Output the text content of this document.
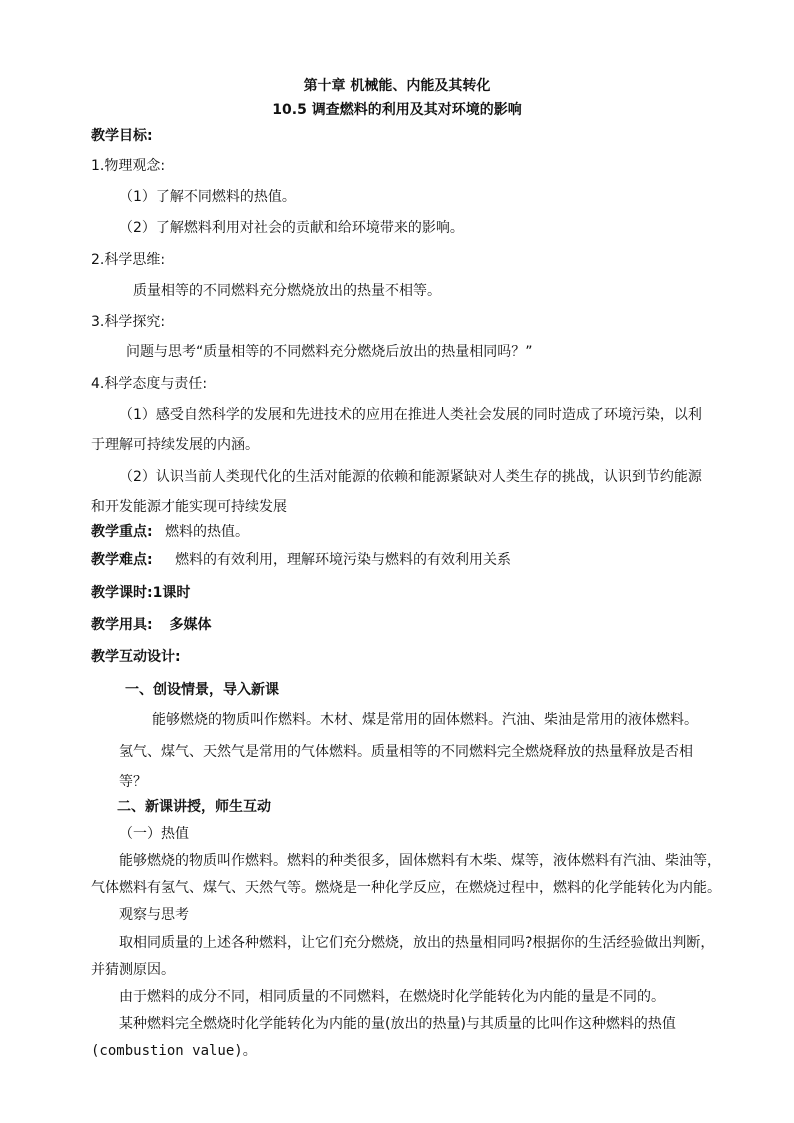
第十章 机械能、内能及其转化
10.5 调查燃料的利用及其对环境的影响
教学目标:
1.物理观念:
（1）了解不同燃料的热值。
（2）了解燃料利用对社会的贡献和给环境带来的影响。
2.科学思维:
质量相等的不同燃料充分燃烧放出的热量不相等。
3.科学探究:
问题与思考“质量相等的不同燃料充分燃烧后放出的热量相同吗？”
4.科学态度与责任:
（1）感受自然科学的发展和先进技术的应用在推进人类社会发展的同时造成了环境污染，以利
于理解可持续发展的内涵。
（2）认识当前人类现代化的生活对能源的依赖和能源紧缺对人类生存的挑战，认识到节约能源
和开发能源才能实现可持续发展
教学重点: 燃料的热值。
教学难点: 燃料的有效利用，理解环境污染与燃料的有效利用关系
教学课时:1课时
教学用具: 多媒体
教学互动设计:
一、创设情景，导入新课
能够燃烧的物质叫作燃料。木材、煤是常用的固体燃料。汽油、柴油是常用的液体燃料。
氢气、煤气、天然气是常用的气体燃料。质量相等的不同燃料完全燃烧释放的热量释放是否相
等？
二、新课讲授，师生互动
（一）热值
能够燃烧的物质叫作燃料。燃料的种类很多，固体燃料有木柴、煤等，液体燃料有汽油、柴油等，
气体燃料有氢气、煤气、天然气等。燃烧是一种化学反应，在燃烧过程中，燃料的化学能转化为内能。
观察与思考
取相同质量的上述各种燃料，让它们充分燃烧，放出的热量相同吗?根据你的生活经验做出判断，
并猜测原因。
由于燃料的成分不同，相同质量的不同燃料，在燃烧时化学能转化为内能的量是不同的。
某种燃料完全燃烧时化学能转化为内能的量(放出的热量)与其质量的比叫作这种燃料的热值
(combustion value)。
